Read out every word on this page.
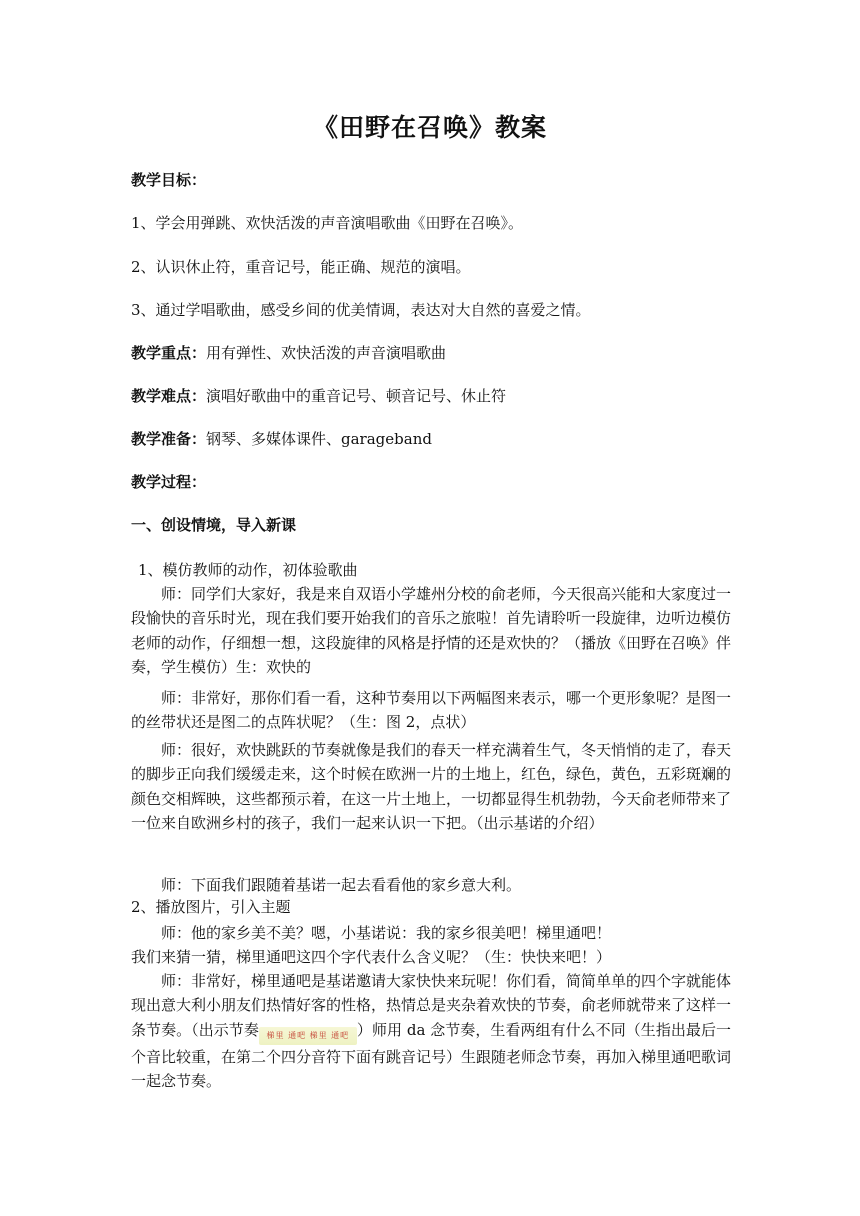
《田野在召唤》教案
教学目标：
1、学会用弹跳、欢快活泼的声音演唱歌曲《田野在召唤》。
2、认识休止符，重音记号，能正确、规范的演唱。
3、通过学唱歌曲，感受乡间的优美情调，表达对大自然的喜爱之情。
教学重点：用有弹性、欢快活泼的声音演唱歌曲
教学难点：演唱好歌曲中的重音记号、顿音记号、休止符
教学准备：钢琴、多媒体课件、garageband
教学过程：
一、创设情境，导入新课
1、模仿教师的动作，初体验歌曲
师：同学们大家好，我是来自双语小学雄州分校的俞老师，今天很高兴能和大家度过一段愉快的音乐时光，现在我们要开始我们的音乐之旅啦！首先请聆听一段旋律，边听边模仿老师的动作，仔细想一想，这段旋律的风格是抒情的还是欢快的？（播放《田野在召唤》伴奏，学生模仿）生：欢快的
师：非常好，那你们看一看，这种节奏用以下两幅图来表示，哪一个更形象呢？是图一的丝带状还是图二的点阵状呢？（生：图 2，点状）
师：很好，欢快跳跃的节奏就像是我们的春天一样充满着生气，冬天悄悄的走了，春天的脚步正向我们缓缓走来，这个时候在欧洲一片的土地上，红色，绿色，黄色，五彩斑斓的颜色交相辉映，这些都预示着，在这一片土地上，一切都显得生机勃勃，今天俞老师带来了一位来自欧洲乡村的孩子，我们一起来认识一下把。（出示基诺的介绍）
师：下面我们跟随着基诺一起去看看他的家乡意大利。
2、播放图片，引入主题
师：他的家乡美不美？嗯，小基诺说：我的家乡很美吧！梯里通吧！
我们来猜一猜，梯里通吧这四个字代表什么含义呢？（生：快快来吧！）
师：非常好，梯里通吧是基诺邀请大家快快来玩呢！你们看，简简单单的四个字就能体现出意大利小朋友们热情好客的性格，热情总是夹杂着欢快的节奏，俞老师就带来了这样一条节奏。（出示节奏 梯里 通吧 梯里 通吧 ）师用 da 念节奏，生看两组有什么不同（生指出最后一个音比较重，在第二个四分音符下面有跳音记号）生跟随老师念节奏，再加入梯里通吧歌词一起念节奏。
